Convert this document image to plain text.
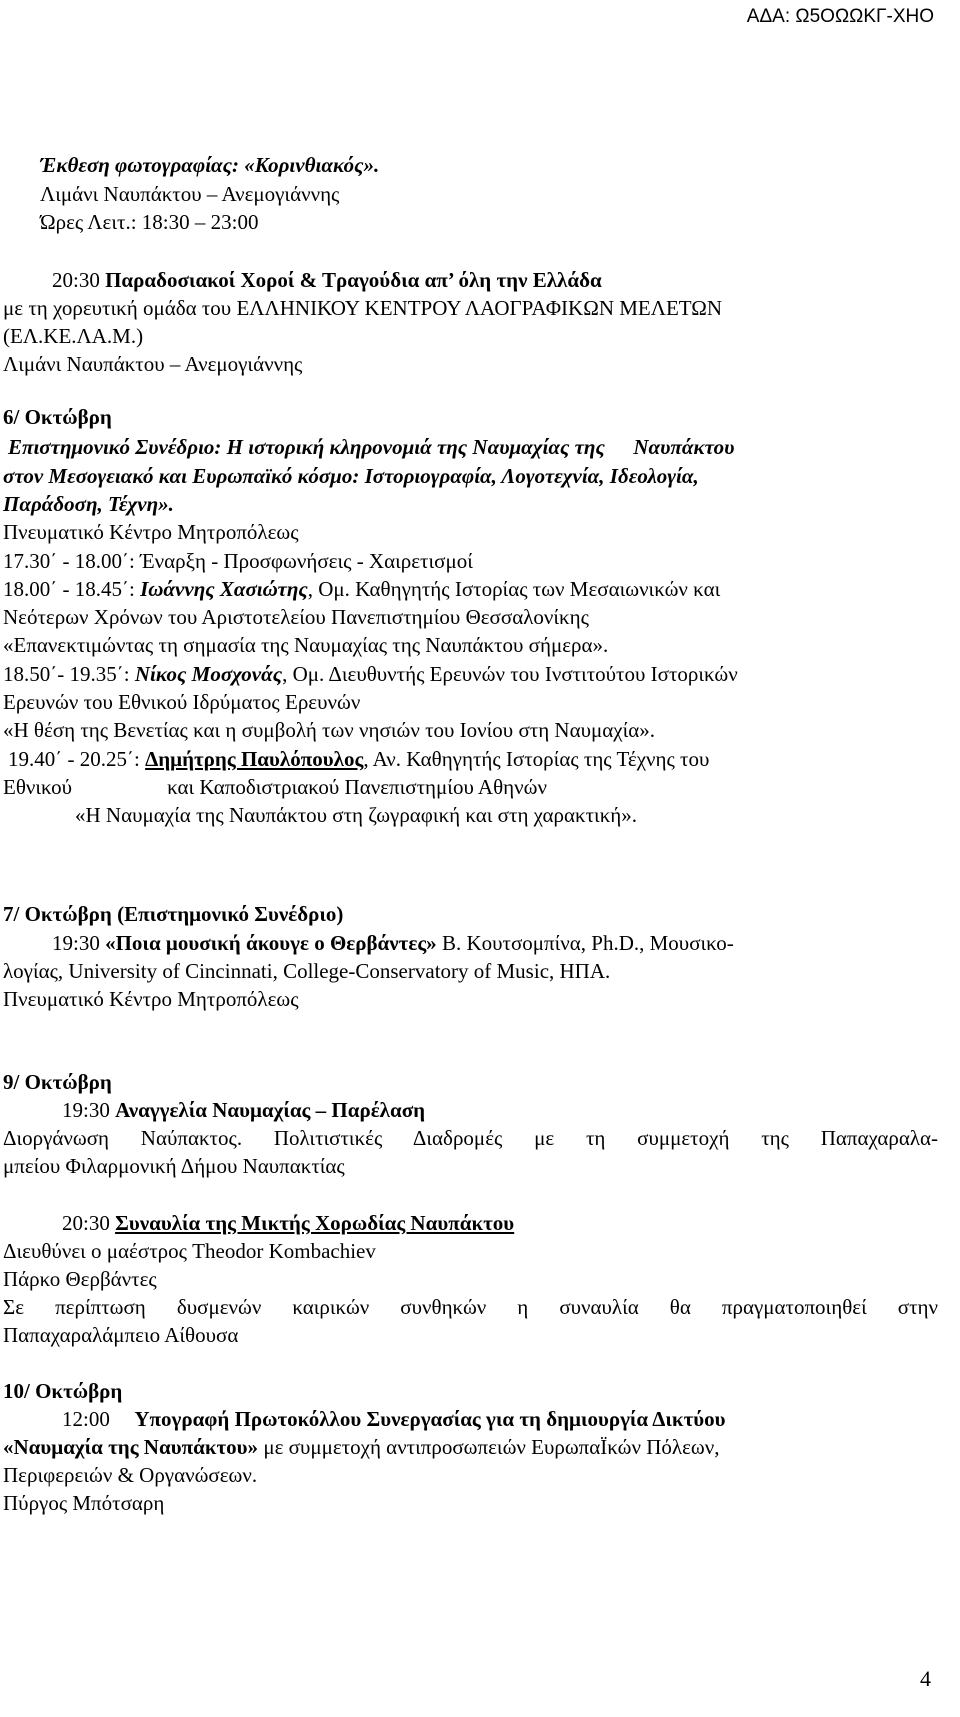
ΑΔΑ: Ω5ΟΩΩΚΓ-ΧΗΟ
Έκθεση φωτογραφίας: «Κορινθιακός».
Λιμάνι Ναυπάκτου – Ανεμογιάννης
Ώρες Λειτ.: 18:30 – 23:00
20:30 Παραδοσιακοί Χοροί & Τραγούδια απ’ όλη την Ελλάδα
με τη χορευτική ομάδα του ΕΛΛΗΝΙΚΟΥ ΚΕΝΤΡΟΥ ΛΑΟΓΡΑΦΙΚΩΝ ΜΕΛΕΤΩΝ
(ΕΛ.ΚΕ.ΛΑ.Μ.)
Λιμάνι Ναυπάκτου – Ανεμογιάννης
6/ Οκτώβρη
Επιστημονικό Συνέδριο: Η ιστορική κληρονομιά της Ναυμαχίας της Ναυπάκτου
στον Μεσογειακό και Ευρωπαϊκό κόσμο: Ιστοριογραφία, Λογοτεχνία, Ιδεολογία,
Παράδοση, Τέχνη».
Πνευματικό Κέντρο Μητροπόλεως
17.30΄ - 18.00΄: Έναρξη - Προσφωνήσεις - Χαιρετισμοί
18.00΄ - 18.45΄: Ιωάννης Χασιώτης, Ομ. Καθηγητής Ιστορίας των Μεσαιωνικών και
Νεότερων Χρόνων του Αριστοτελείου Πανεπιστημίου Θεσσαλονίκης
«Επανεκτιμώντας τη σημασία της Ναυμαχίας της Ναυπάκτου σήμερα».
18.50΄- 19.35΄: Νίκος Μοσχονάς, Ομ. Διευθυντής Ερευνών του Ινστιτούτου Ιστορικών
Ερευνών του Εθνικού Ιδρύματος Ερευνών
«Η θέση της Βενετίας και η συμβολή των νησιών του Ιονίου στη Ναυμαχία».
19.40΄ - 20.25΄: Δημήτρης Παυλόπουλος, Αν. Καθηγητής Ιστορίας της Τέχνης του
Εθνικού	και Καποδιστριακού Πανεπιστημίου Αθηνών
«Η Ναυμαχία της Ναυπάκτου στη ζωγραφική και στη χαρακτική».
7/ Οκτώβρη (Επιστημονικό Συνέδριο)
19:30 «Ποια μουσική άκουγε ο Θερβάντες» Β. Κουτσομπίνα, Ph.D., Μουσικο-
λογίας, University of Cincinnati, College-Conservatory of Music, ΗΠΑ.
Πνευματικό Κέντρο Μητροπόλεως
9/ Οκτώβρη
19:30 Αναγγελία Ναυμαχίας – Παρέλαση
Διοργάνωση Ναύπακτος. Πολιτιστικές Διαδρομές με τη συμμετοχή της Παπαχαραλα-
μπείου Φιλαρμονική Δήμου Ναυπακτίας
20:30 Συναυλία της Μικτής Χορωδίας Ναυπάκτου
Διευθύνει ο μαέστρος Theodor Kombachiev
Πάρκο Θερβάντες
Σε περίπτωση δυσμενών καιρικών συνθηκών η συναυλία θα πραγματοποιηθεί στην
Παπαχαραλάμπειο Αίθουσα
10/ Οκτώβρη
12:00 Υπογραφή Πρωτοκόλλου Συνεργασίας για τη δημιουργία Δικτύου
«Ναυμαχία της Ναυπάκτου» με συμμετοχή αντιπροσωπειών ΕυρωπαΪκών Πόλεων,
Περιφερειών & Οργανώσεων.
Πύργος Μπότσαρη
4
